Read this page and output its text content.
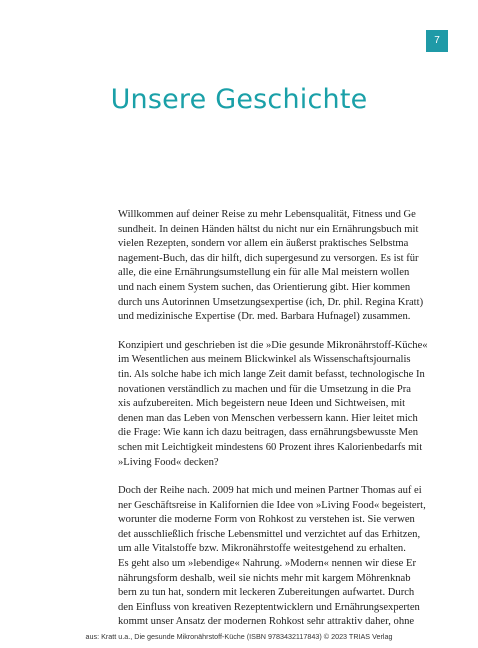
7
Unsere Geschichte
Willkommen auf deiner Reise zu mehr Lebensqualität, Fitness und Ge
sundheit. In deinen Händen hältst du nicht nur ein Ernährungsbuch mit
vielen Rezepten, sondern vor allem ein äußerst praktisches Selbstma
nagement-Buch, das dir hilft, dich supergesund zu versorgen. Es ist für
alle, die eine Ernährungsumstellung ein für alle Mal meistern wollen
und nach einem System suchen, das Orientierung gibt. Hier kommen
durch uns Autorinnen Umsetzungsexpertise (ich, Dr. phil. Regina Kratt)
und medizinische Expertise (Dr. med. Barbara Hufnagel) zusammen.
Konzipiert und geschrieben ist die »Die gesunde Mikronährstoff-Küche«
im Wesentlichen aus meinem Blickwinkel als Wissenschaftsjournalis
tin. Als solche habe ich mich lange Zeit damit befasst, technologische In
novationen verständlich zu machen und für die Umsetzung in die Pra
xis aufzubereiten. Mich begeistern neue Ideen und Sichtweisen, mit
denen man das Leben von Menschen verbessern kann. Hier leitet mich
die Frage: Wie kann ich dazu beitragen, dass ernährungsbewusste Men
schen mit Leichtigkeit mindestens 60 Prozent ihres Kalorienbedarfs mit
»Living Food« decken?
Doch der Reihe nach. 2009 hat mich und meinen Partner Thomas auf ei
ner Geschäftsreise in Kalifornien die Idee von »Living Food« begeistert,
worunter die moderne Form von Rohkost zu verstehen ist. Sie verwen
det ausschließlich frische Lebensmittel und verzichtet auf das Erhitzen,
um alle Vitalstoffe bzw. Mikronährstoffe weitestgehend zu erhalten.
Es geht also um »lebendige« Nahrung. »Modern« nennen wir diese Er
nährungsform deshalb, weil sie nichts mehr mit kargem Möhrenknab
bern zu tun hat, sondern mit leckeren Zubereitungen aufwartet. Durch
den Einfluss von kreativen Rezeptentwicklern und Ernährungsexperten
kommt unser Ansatz der modernen Rohkost sehr attraktiv daher, ohne
aus: Kratt u.a., Die gesunde Mikronährstoff-Küche (ISBN 9783432117843) © 2023 TRIAS Verlag
